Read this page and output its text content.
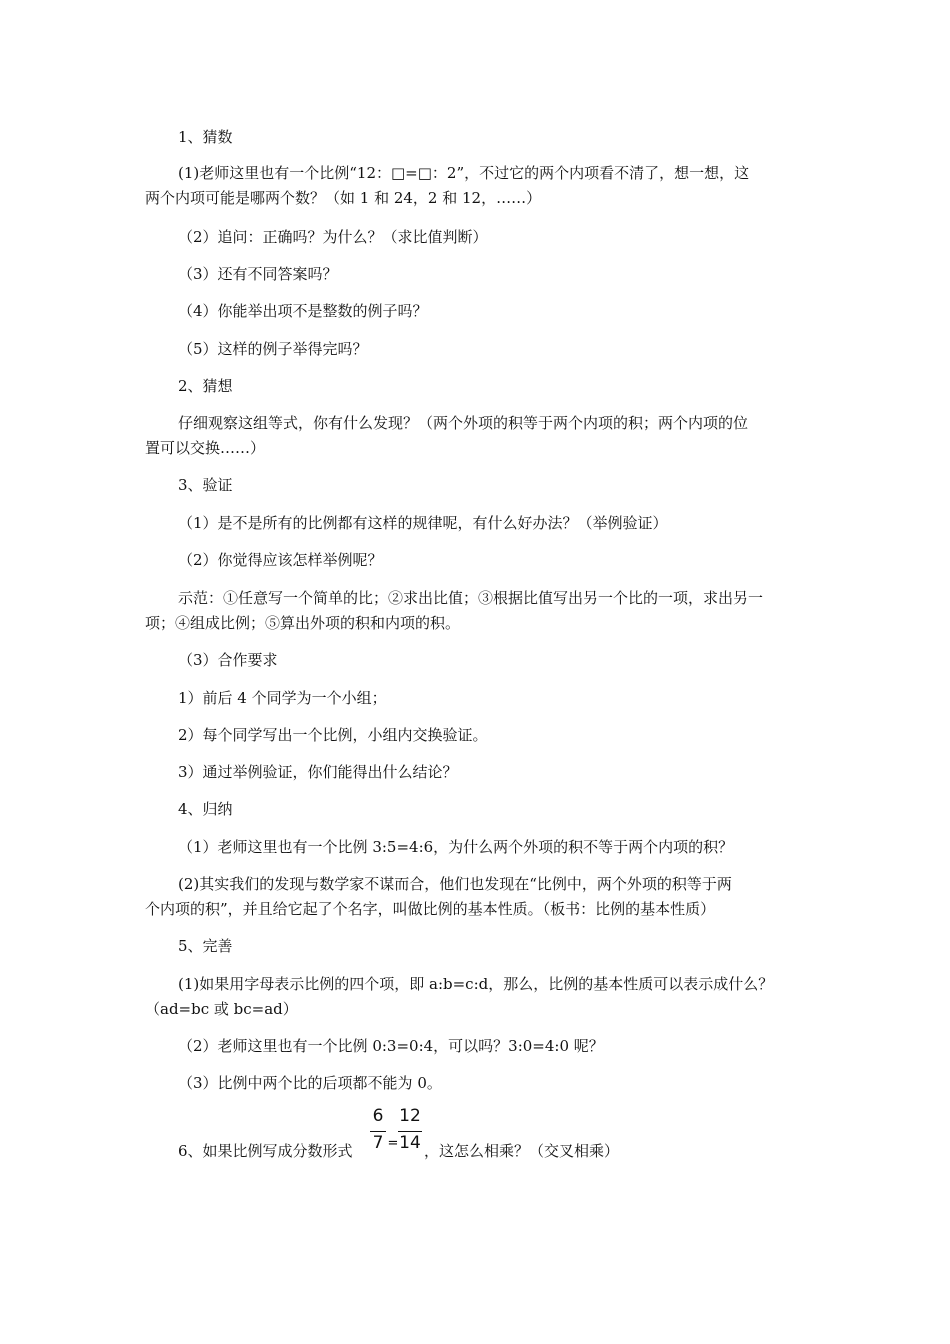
1、猜数
(1)老师这里也有一个比例“12：□=□：2”，不过它的两个内项看不清了，想一想，这
两个内项可能是哪两个数？（如 1 和 24，2 和 12，……）
（2）追问：正确吗？为什么？（求比值判断）
（3）还有不同答案吗？
（4）你能举出项不是整数的例子吗？
（5）这样的例子举得完吗？
2、猜想
仔细观察这组等式，你有什么发现？（两个外项的积等于两个内项的积；两个内项的位
置可以交换……）
3、验证
（1）是不是所有的比例都有这样的规律呢，有什么好办法？（举例验证）
（2）你觉得应该怎样举例呢？
示范：①任意写一个简单的比；②求出比值；③根据比值写出另一个比的一项，求出另一
项；④组成比例；⑤算出外项的积和内项的积。
（3）合作要求
1）前后 4 个同学为一个小组；
2）每个同学写出一个比例，小组内交换验证。
3）通过举例验证，你们能得出什么结论？
4、归纳
（1）老师这里也有一个比例 3:5=4:6，为什么两个外项的积不等于两个内项的积？
(2)其实我们的发现与数学家不谋而合，他们也发现在“比例中，两个外项的积等于两
个内项的积”，并且给它起了个名字，叫做比例的基本性质。（板书：比例的基本性质）
5、完善
(1)如果用字母表示比例的四个项，即 a:b=c:d，那么，比例的基本性质可以表示成什么？
（ad=bc 或 bc=ad）
（2）老师这里也有一个比例 0:3=0:4，可以吗？3:0=4:0 呢？
（3）比例中两个比的后项都不能为 0。
6、如果比例写成分数形式
6
7 =
12
14 ，这怎么相乘？（交叉相乘）
